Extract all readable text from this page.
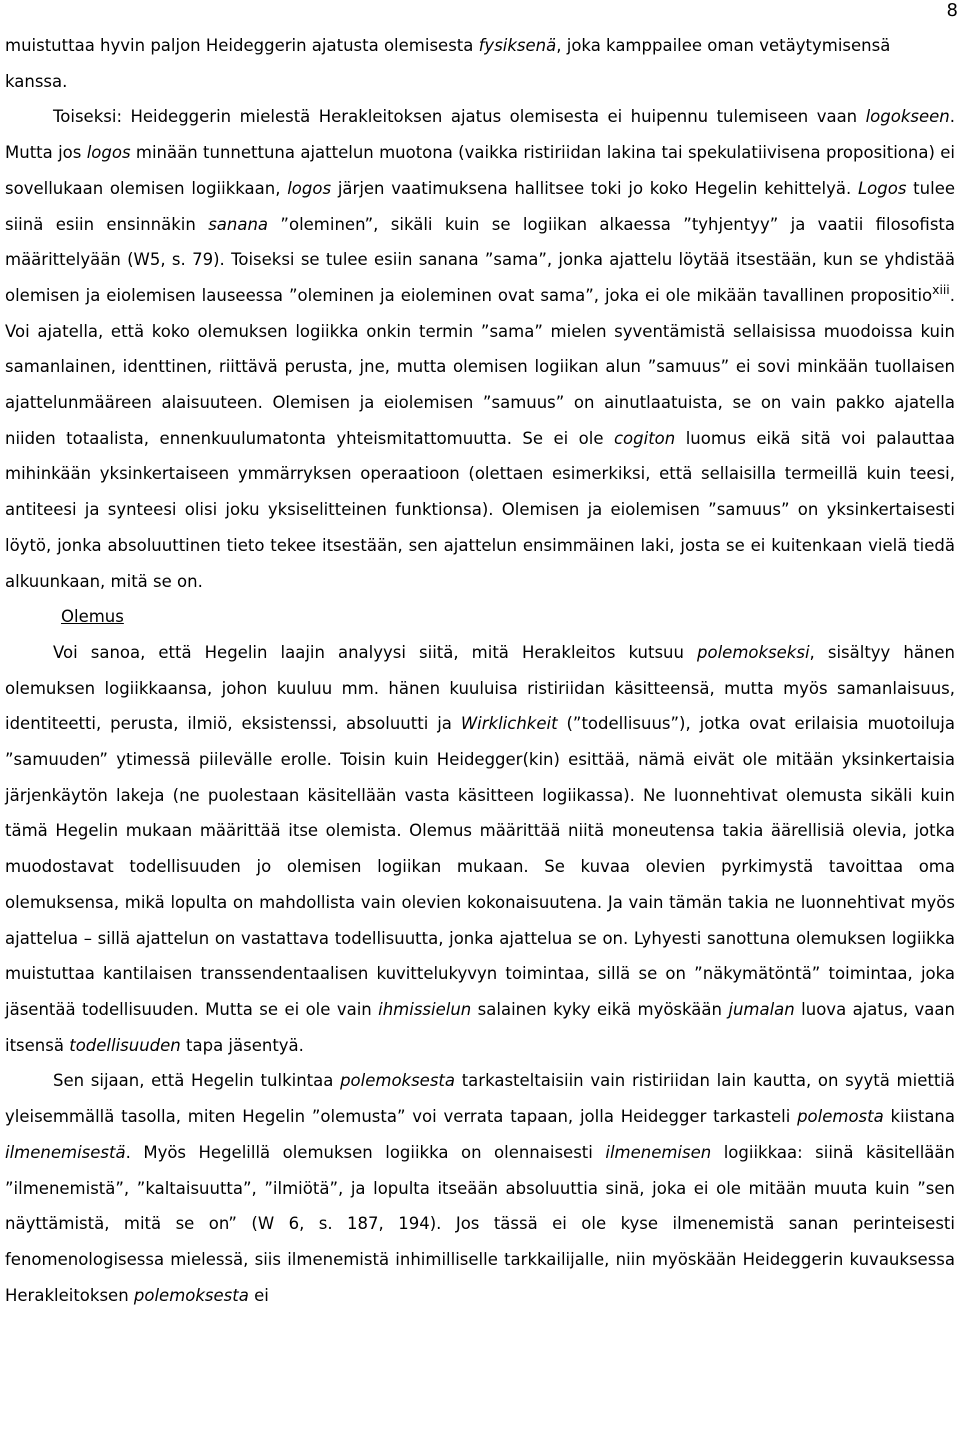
8

muistuttaa hyvin paljon Heideggerin ajatusta olemisesta fysiksenä, joka kamppailee oman vetäytymisensä kanssa.

Toiseksi: Heideggerin mielestä Herakleitoksen ajatus olemisesta ei huipennu tulemiseen vaan logokseen. Mutta jos logos minään tunnettuna ajattelun muotona (vaikka ristiriidan lakina tai spekulatiivisena propositiona) ei sovellukaan olemisen logiikkaan, logos järjen vaatimuksena hallitsee toki jo koko Hegelin kehittelyä. Logos tulee siinä esiin ensinnäkin sanana ”oleminen”, sikäli kuin se logiikan alkaessa ”tyhjentyy” ja vaatii filosofista määrittelyään (W5, s. 79). Toiseksi se tulee esiin sanana ”sama”, jonka ajattelu löytää itsestään, kun se yhdistää olemisen ja eiolemisen lauseessa ”oleminen ja eioleminen ovat sama”, joka ei ole mikään tavallinen propositio$^{xiii}$. Voi ajatella, että koko olemuksen logiikka onkin termin ”sama” mielen syventämistä sellaisissa muodoissa kuin samanlainen, identtinen, riittävä perusta, jne, mutta olemisen logiikan alun ”samuus” ei sovi minkään tuollaisen ajattelunmääreen alaisuuteen. Olemisen ja eiolemisen ”samuus” on ainutlaatuista, se on vain pakko ajatella niiden totaalista, ennenkuulumatonta yhteismitattomuutta. Se ei ole cogiton luomus eikä sitä voi palauttaa mihinkään yksinkertaiseen ymmärryksen operaatioon (olettaen esimerkiksi, että sellaisilla termeillä kuin teesi, antiteesi ja synteesi olisi joku yksiselitteinen funktionsa). Olemisen ja eiolemisen ”samuus” on yksinkertaisesti löytö, jonka absoluuttinen tieto tekee itsestään, sen ajattelun ensimmäinen laki, josta se ei kuitenkaan vielä tiedä alkuunkaan, mitä se on.

Olemus

Voi sanoa, että Hegelin laajin analyysi siitä, mitä Herakleitos kutsuu polemokseksi, sisältyy hänen olemuksen logiikkaansa, johon kuuluu mm. hänen kuuluisa ristiriidan käsitteensä, mutta myös samanlaisuus, identiteetti, perusta, ilmiö, eksistenssi, absoluutti ja Wirklichkeit (”todellisuus”), jotka ovat erilaisia muotoiluja ”samuuden” ytimessä piilevälle erolle. Toisin kuin Heidegger(kin) esittää, nämä eivät ole mitään yksinkertaisia järjenkäytön lakeja (ne puolestaan käsitellään vasta käsitteen logiikassa). Ne luonnehtivat olemusta sikäli kuin tämä Hegelin mukaan määrittää itse olemista. Olemus määrittää niitä moneutensa takia äärellisiä olevia, jotka muodostavat todellisuuden jo olemisen logiikan mukaan. Se kuvaa olevien pyrkimystä tavoittaa oma olemuksensa, mikä lopulta on mahdollista vain olevien kokonaisuutena. Ja vain tämän takia ne luonnehtivat myös ajattelua – sillä ajattelun on vastattava todellisuutta, jonka ajattelua se on. Lyhyesti sanottuna olemuksen logiikka muistuttaa kantilaisen transsendentaalisen kuvittelukyvyn toimintaa, sillä se on ”näkymätöntä” toimintaa, joka jäsentää todellisuuden. Mutta se ei ole vain ihmissielun salainen kyky eikä myöskään jumalan luova ajatus, vaan itsensä todellisuuden tapa jäsentyä.

Sen sijaan, että Hegelin tulkintaa polemoksesta tarkasteltaisiin vain ristiriidan lain kautta, on syytä miettiä yleisemmällä tasolla, miten Hegelin ”olemusta” voi verrata tapaan, jolla Heidegger tarkasteli polemosta kiistana ilmenemisestä. Myös Hegelillä olemuksen logiikka on olennaisesti ilmenemisen logiikkaa: siinä käsitellään ”ilmenemistä”, ”kaltaisuutta”, ”ilmiötä”, ja lopulta itseään absoluuttia sinä, joka ei ole mitään muuta kuin ”sen näyttämistä, mitä se on” (W 6, s. 187, 194). Jos tässä ei ole kyse ilmenemistä sanan perinteisesti fenomenologisessa mielessä, siis ilmenemistä inhimilliselle tarkkailijalle, niin myöskään Heideggerin kuvauksessa Herakleitoksen polemoksesta ei
